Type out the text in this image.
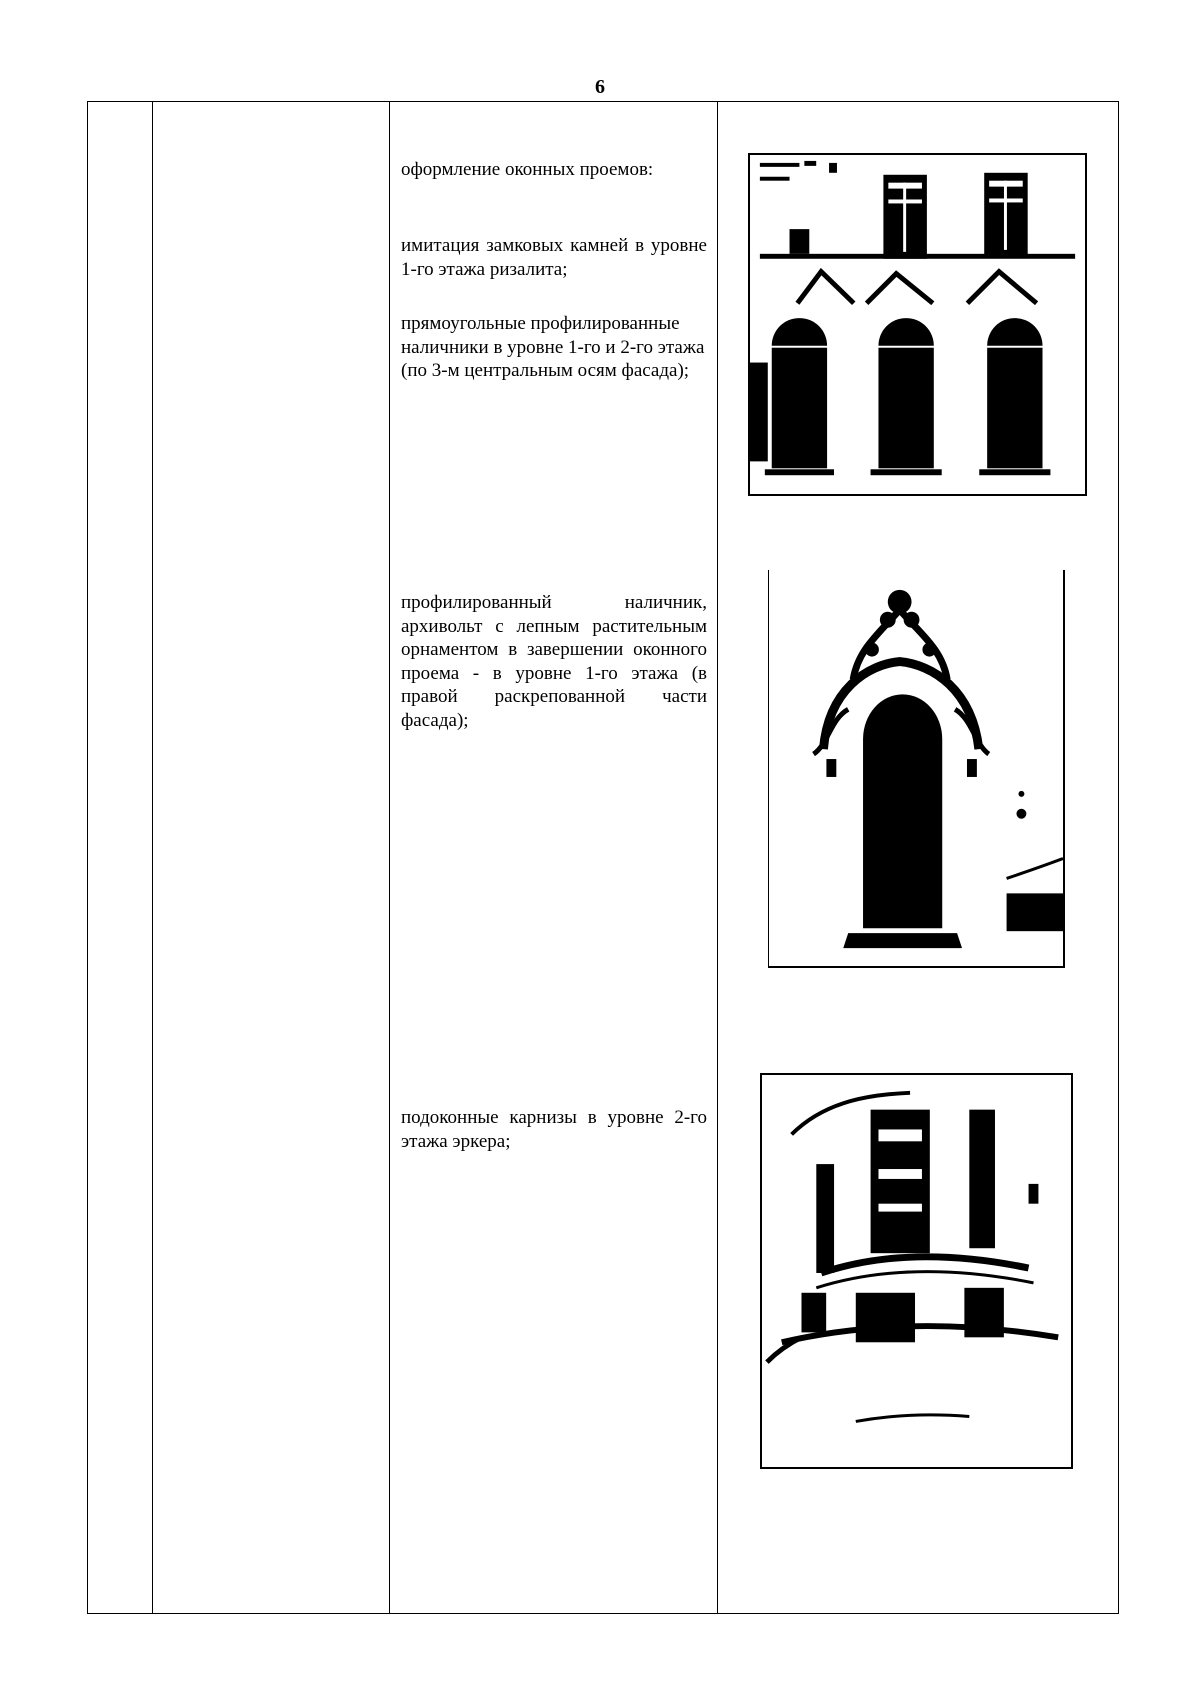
6
оформление оконных проемов:
имитация замковых камней в уровне 1-го этажа ризалита;
прямоугольные профилированные наличники в уровне 1-го и 2-го этажа (по 3-м центральным осям фасада);
профилированный наличник, архивольт с лепным растительным орнаментом в завершении оконного проема - в уровне 1-го этажа (в правой раскрепованной части фасада);
подоконные карнизы в уровне 2-го этажа эркера;
